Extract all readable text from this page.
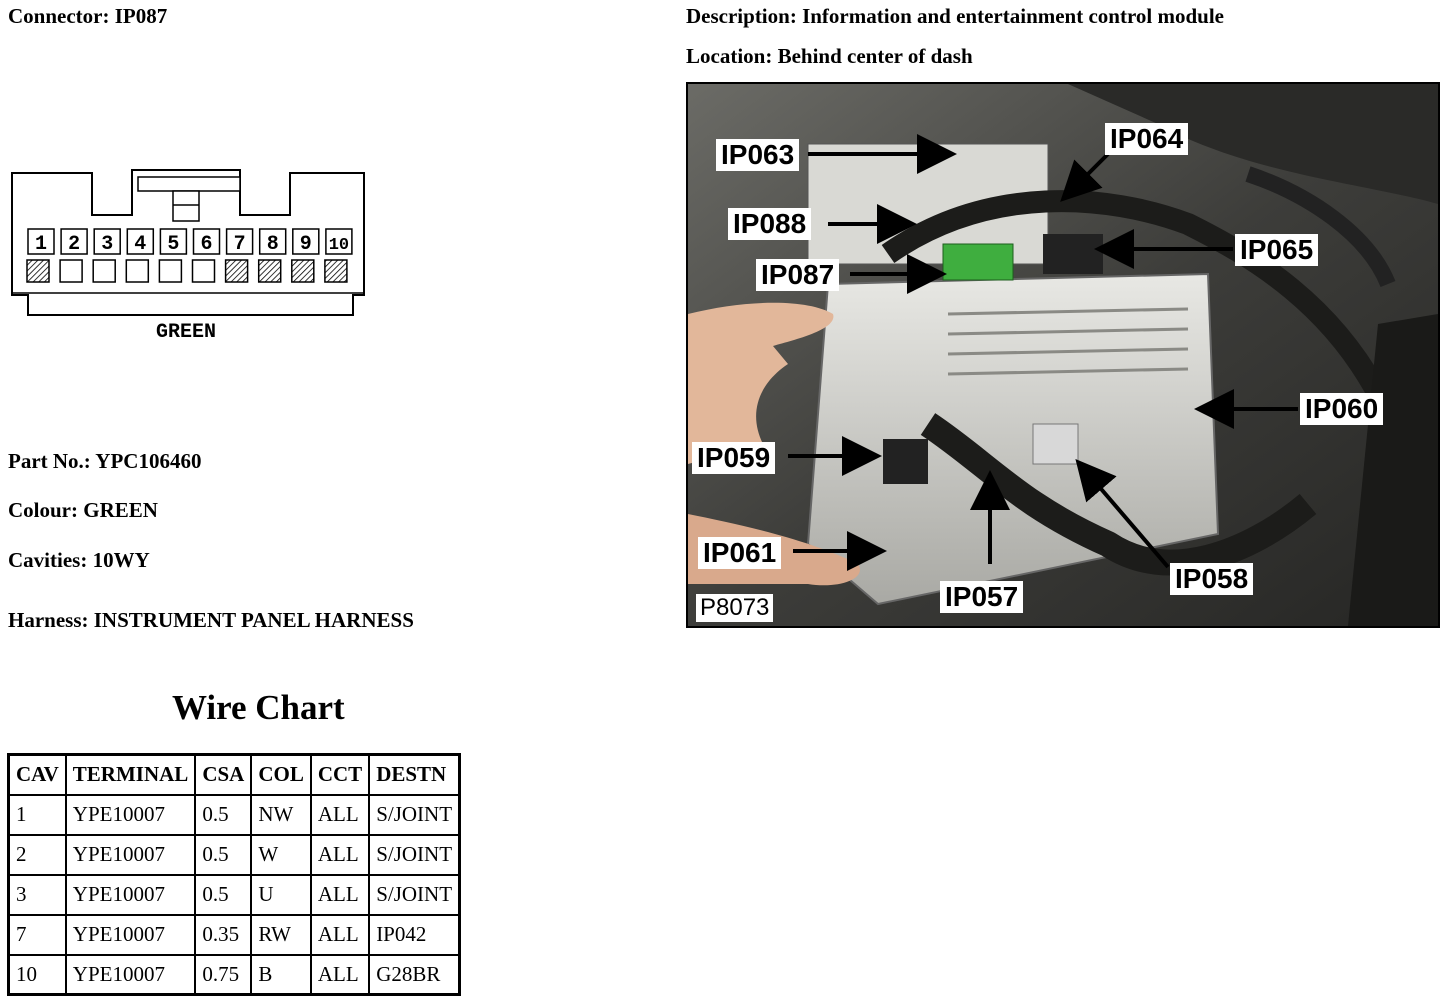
Connector: IP087	Description: Information and entertainment control module
Location: Behind center of dash
1 2 3 4 5 6 7 8 9 10
GREEN
Part No.: YPC106460
Colour: GREEN
Cavities: 10WY
Harness: INSTRUMENT PANEL HARNESS
Wire Chart
CAV	TERMINAL	CSA	COL	CCT	DESTN
1	YPE10007	0.5	NW	ALL	S/JOINT
2	YPE10007	0.5	W	ALL	S/JOINT
3	YPE10007	0.5	U	ALL	S/JOINT
7	YPE10007	0.35	RW	ALL	IP042
10	YPE10007	0.75	B	ALL	G28BR
IP063
IP064
IP088
IP065
IP087
IP060
IP059
IP061
IP057
IP058
P8073
